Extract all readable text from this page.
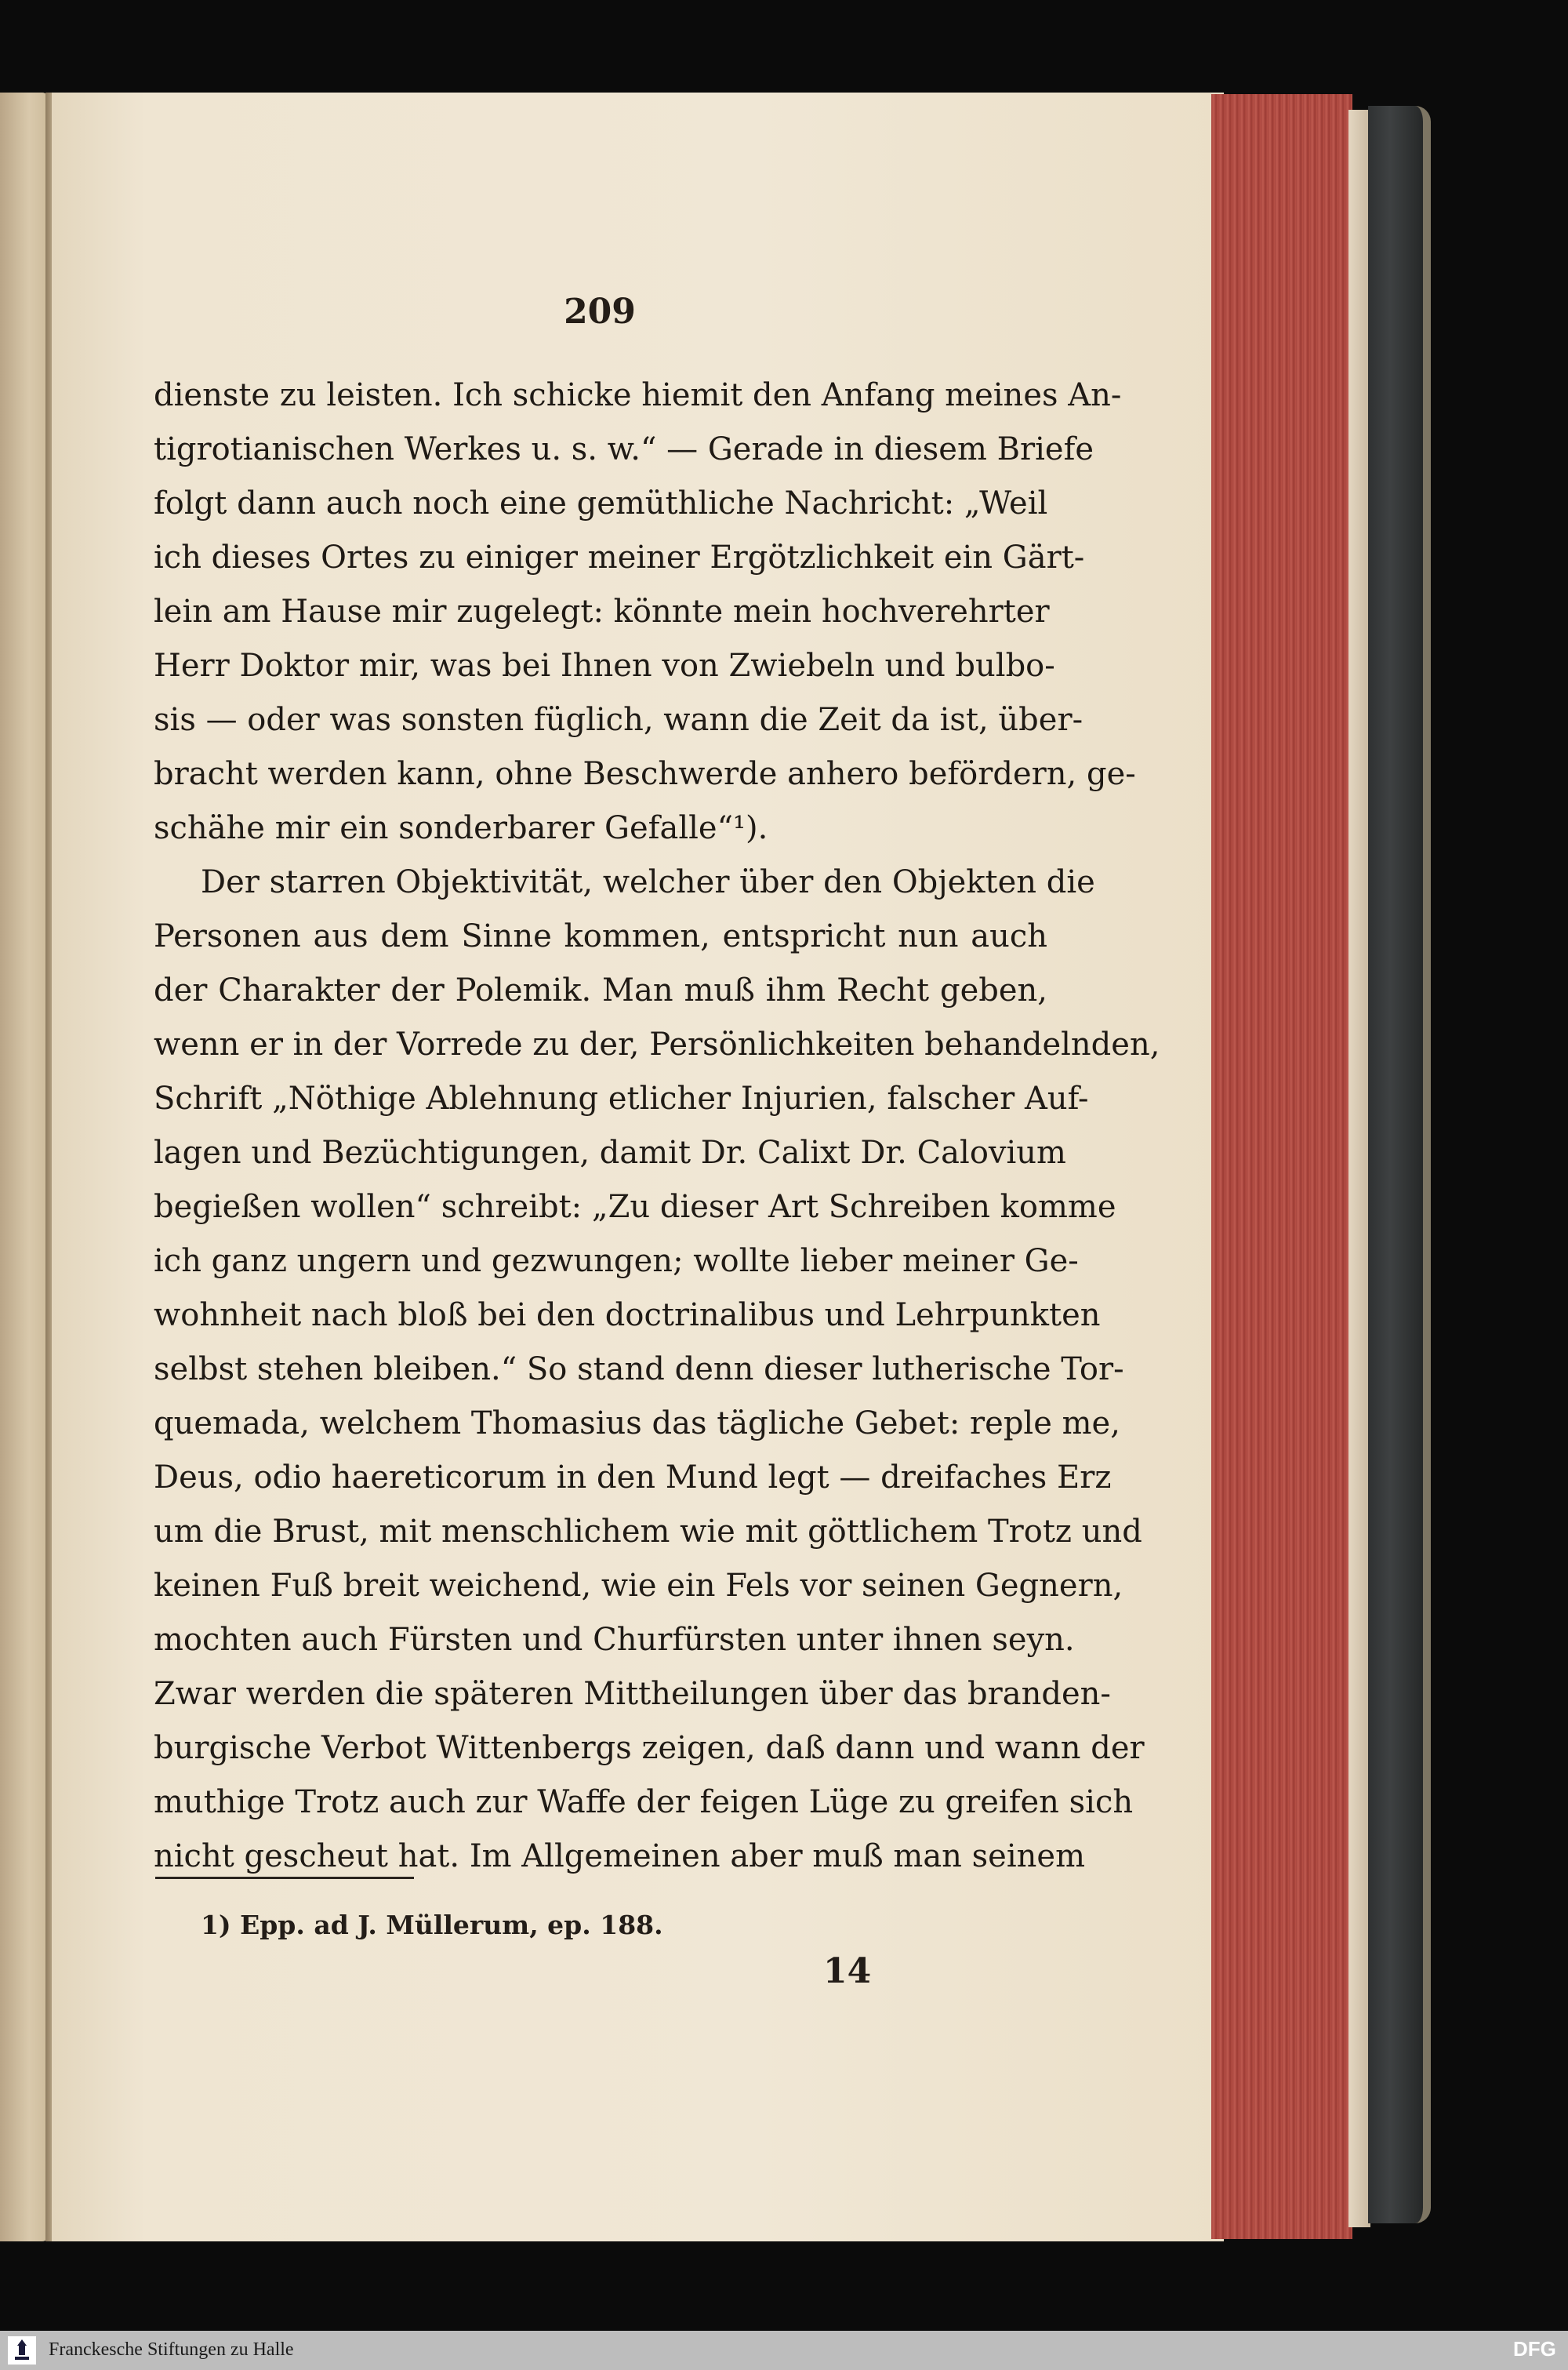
209
dienste zu leisten. Ich schicke hiemit den Anfang meines An-
tigrotianischen Werkes u. s. w.“ — Gerade in diesem Briefe
folgt dann auch noch eine gemüthliche Nachricht: „Weil
ich dieses Ortes zu einiger meiner Ergötzlichkeit ein Gärt-
lein am Hause mir zugelegt: könnte mein hochverehrter
Herr Doktor mir, was bei Ihnen von Zwiebeln und bulbo-
sis — oder was sonsten füglich, wann die Zeit da ist, über-
bracht werden kann, ohne Beschwerde anhero befördern, ge-
schähe mir ein sonderbarer Gefalle“¹).
Der starren Objektivität, welcher über den Objekten die
Personen aus dem Sinne kommen, entspricht nun auch
der Charakter der Polemik. Man muß ihm Recht geben,
wenn er in der Vorrede zu der, Persönlichkeiten behandelnden,
Schrift „Nöthige Ablehnung etlicher Injurien, falscher Auf-
lagen und Bezüchtigungen, damit Dr. Calixt Dr. Calovium
begießen wollen“ schreibt: „Zu dieser Art Schreiben komme
ich ganz ungern und gezwungen; wollte lieber meiner Ge-
wohnheit nach bloß bei den doctrinalibus und Lehrpunkten
selbst stehen bleiben.“ So stand denn dieser lutherische Tor-
quemada, welchem Thomasius das tägliche Gebet: reple me,
Deus, odio haereticorum in den Mund legt — dreifaches Erz
um die Brust, mit menschlichem wie mit göttlichem Trotz und
keinen Fuß breit weichend, wie ein Fels vor seinen Gegnern,
mochten auch Fürsten und Churfürsten unter ihnen seyn.
Zwar werden die späteren Mittheilungen über das branden-
burgische Verbot Wittenbergs zeigen, daß dann und wann der
muthige Trotz auch zur Waffe der feigen Lüge zu greifen sich
nicht gescheut hat. Im Allgemeinen aber muß man seinem
1) Epp. ad J. Müllerum, ep. 188.
14
Franckesche Stiftungen zu Halle	DFG
